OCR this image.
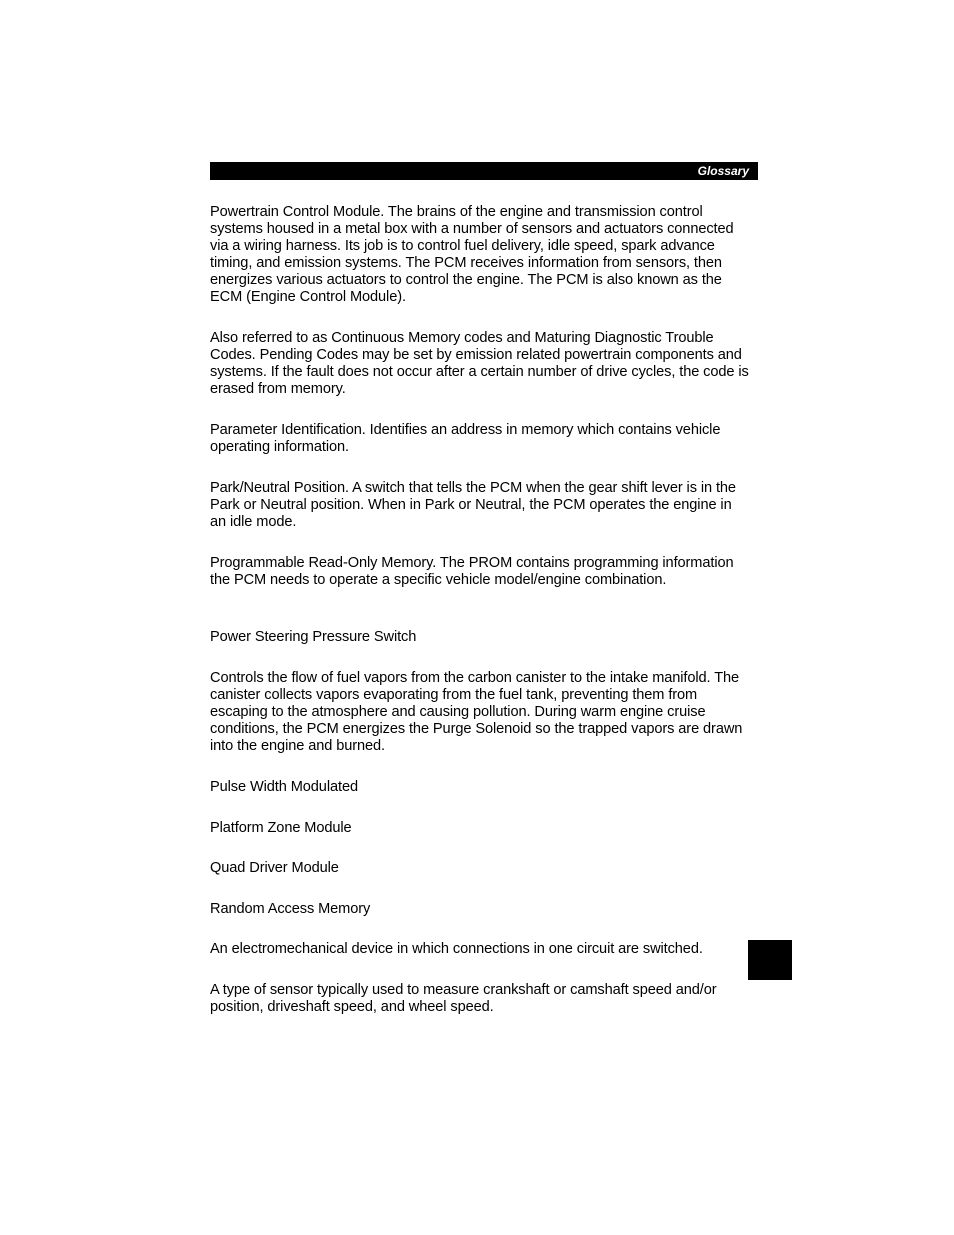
Glossary

Powertrain Control Module. The brains of the engine and transmission control systems housed in a metal box with a number of sensors and actuators connected via a wiring harness. Its job is to control fuel delivery, idle speed, spark advance timing, and emission systems. The PCM receives information from sensors, then energizes various actuators to control the engine. The PCM is also known as the ECM (Engine Control Module).

Also referred to as Continuous Memory codes and Maturing Diagnostic Trouble Codes. Pending Codes may be set by emission related powertrain components and systems. If the fault does not occur after a certain number of drive cycles, the code is erased from memory.

Parameter Identification. Identifies an address in memory which contains vehicle operating information.

Park/Neutral Position. A switch that tells the PCM when the gear shift lever is in the Park or Neutral position. When in Park or Neutral, the PCM operates the engine in an idle mode.

Programmable Read-Only Memory. The PROM contains programming information the PCM needs to operate a specific vehicle model/engine combination.

Power Steering Pressure Switch

Controls the flow of fuel vapors from the carbon canister to the intake manifold. The canister collects vapors evaporating from the fuel tank, preventing them from escaping to the atmosphere and causing pollution. During warm engine cruise conditions, the PCM energizes the Purge Solenoid so the trapped vapors are drawn into the engine and burned.

Pulse Width Modulated

Platform Zone Module

Quad Driver Module

Random Access Memory

An electromechanical device in which connections in one circuit are switched.

A type of sensor typically used to measure crankshaft or camshaft speed and/or position, driveshaft speed, and wheel speed.
